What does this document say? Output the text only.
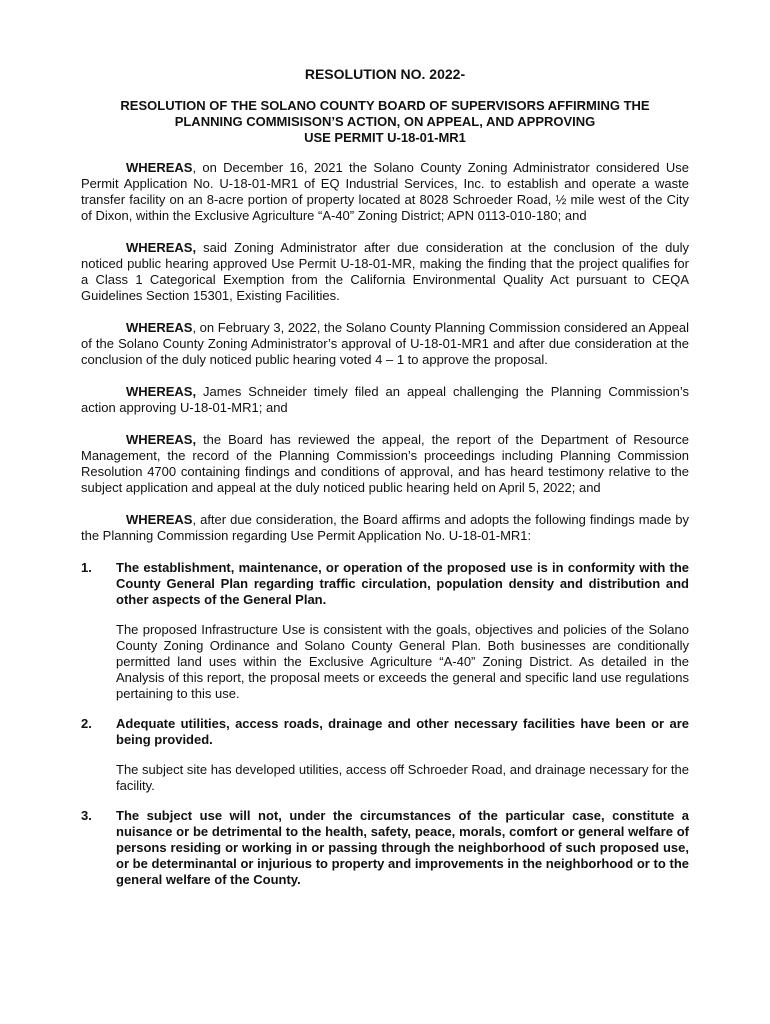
RESOLUTION NO. 2022-
RESOLUTION OF THE SOLANO COUNTY BOARD OF SUPERVISORS AFFIRMING THE
PLANNING COMMISISON’S ACTION, ON APPEAL, AND APPROVING
USE PERMIT U-18-01-MR1

WHEREAS, on December 16, 2021 the Solano County Zoning Administrator considered Use Permit Application No. U-18-01-MR1 of EQ Industrial Services, Inc. to establish and operate a waste transfer facility on an 8-acre portion of property located at 8028 Schroeder Road, ½ mile west of the City of Dixon, within the Exclusive Agriculture “A-40” Zoning District; APN 0113-010-180; and

WHEREAS, said Zoning Administrator after due consideration at the conclusion of the duly noticed public hearing approved Use Permit U-18-01-MR, making the finding that the project qualifies for a Class 1 Categorical Exemption from the California Environmental Quality Act pursuant to CEQA Guidelines Section 15301, Existing Facilities.

WHEREAS, on February 3, 2022, the Solano County Planning Commission considered an Appeal of the Solano County Zoning Administrator’s approval of U-18-01-MR1 and after due consideration at the conclusion of the duly noticed public hearing voted 4 – 1 to approve the proposal.

WHEREAS, James Schneider timely filed an appeal challenging the Planning Commission’s action approving U-18-01-MR1; and

WHEREAS, the Board has reviewed the appeal, the report of the Department of Resource Management, the record of the Planning Commission’s proceedings including Planning Commission Resolution 4700 containing findings and conditions of approval, and has heard testimony relative to the subject application and appeal at the duly noticed public hearing held on April 5, 2022; and

WHEREAS, after due consideration, the Board affirms and adopts the following findings made by the Planning Commission regarding Use Permit Application No. U-18-01-MR1:

1. The establishment, maintenance, or operation of the proposed use is in conformity with the County General Plan regarding traffic circulation, population density and distribution and other aspects of the General Plan.

The proposed Infrastructure Use is consistent with the goals, objectives and policies of the Solano County Zoning Ordinance and Solano County General Plan. Both businesses are conditionally permitted land uses within the Exclusive Agriculture “A-40” Zoning District. As detailed in the Analysis of this report, the proposal meets or exceeds the general and specific land use regulations pertaining to this use.

2. Adequate utilities, access roads, drainage and other necessary facilities have been or are being provided.

The subject site has developed utilities, access off Schroeder Road, and drainage necessary for the facility.

3. The subject use will not, under the circumstances of the particular case, constitute a nuisance or be detrimental to the health, safety, peace, morals, comfort or general welfare of persons residing or working in or passing through the neighborhood of such proposed use, or be determinantal or injurious to property and improvements in the neighborhood or to the general welfare of the County.
